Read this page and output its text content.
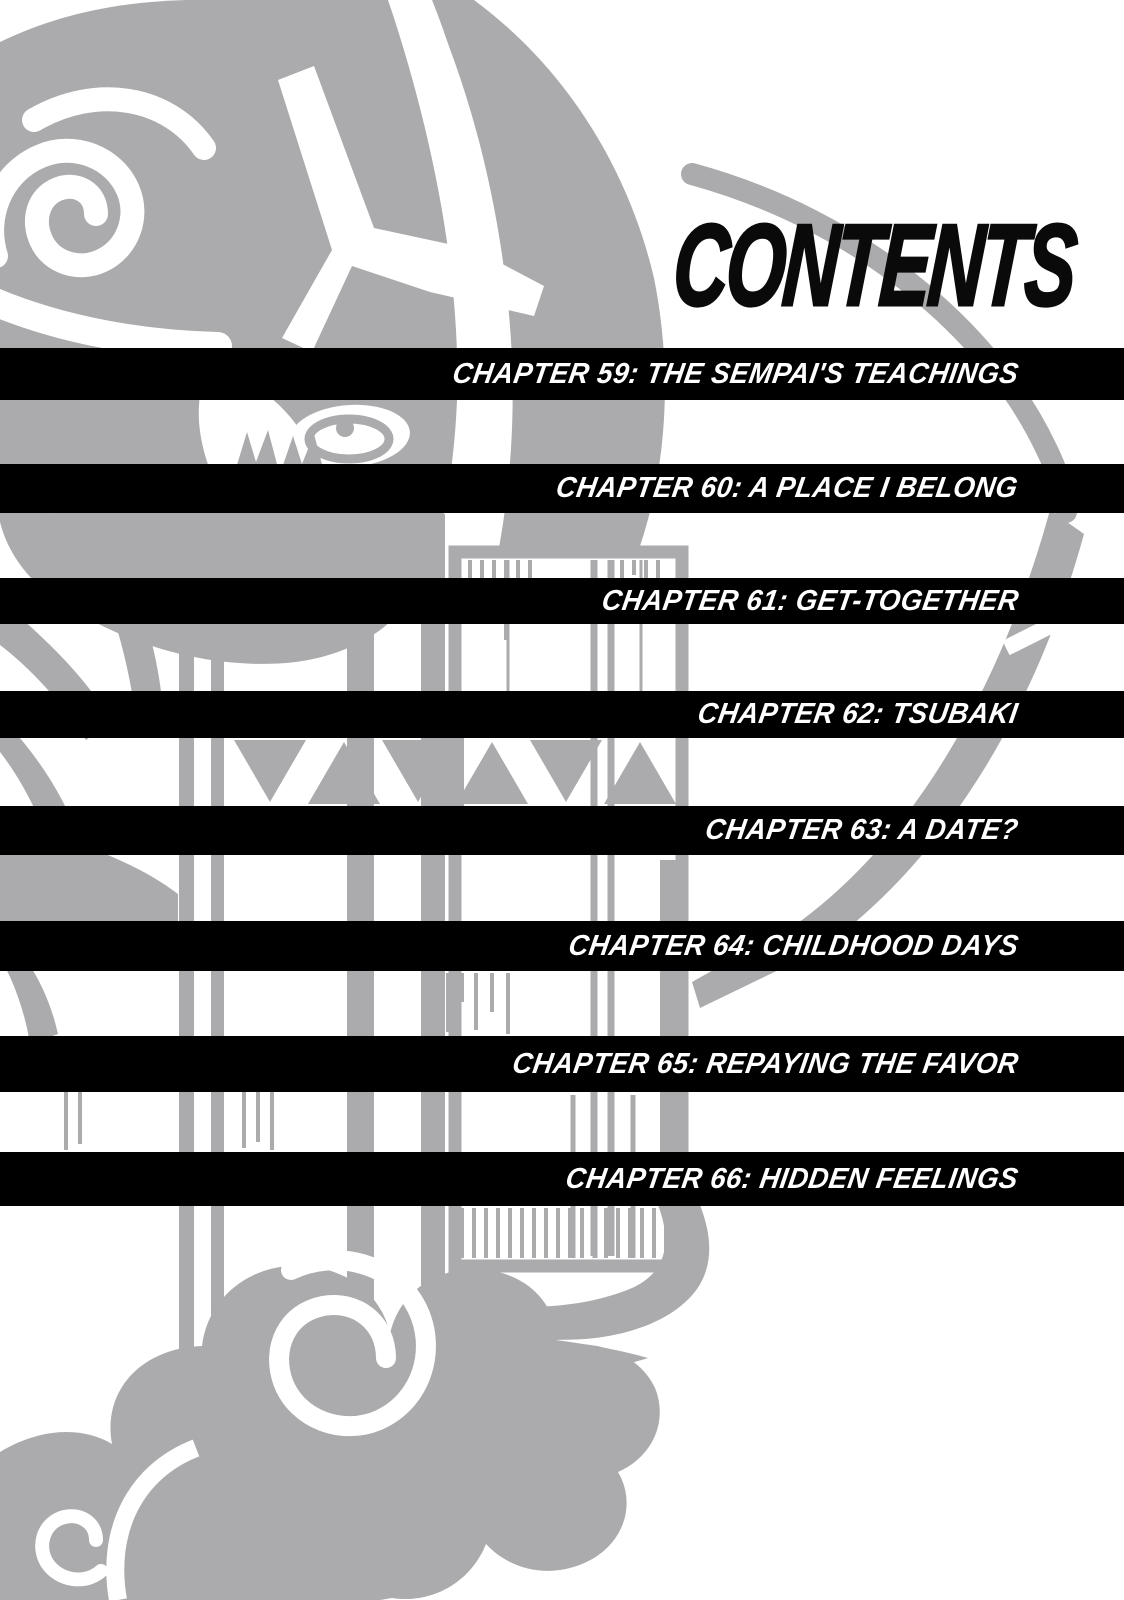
CONTENTS
CHAPTER 59: THE SEMPAI'S TEACHINGS
CHAPTER 60: A PLACE I BELONG
CHAPTER 61: GET-TOGETHER
CHAPTER 62: TSUBAKI
CHAPTER 63: A DATE?
CHAPTER 64: CHILDHOOD DAYS
CHAPTER 65: REPAYING THE FAVOR
CHAPTER 66: HIDDEN FEELINGS
